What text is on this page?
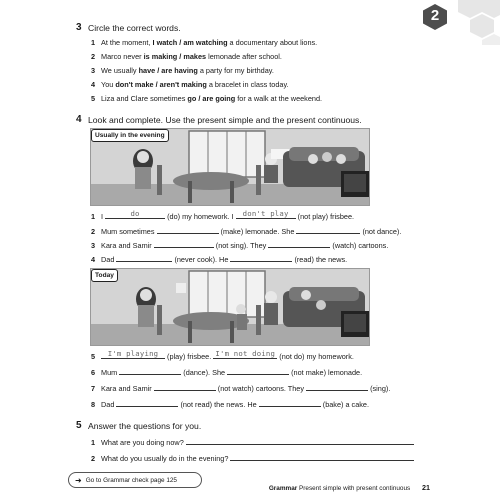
2
3 Circle the correct words.
1 At the moment, I watch / am watching a documentary about lions.
2 Marco never is making / makes lemonade after school.
3 We usually have / are having a party for my birthday.
4 You don't make / aren't making a bracelet in class today.
5 Liza and Clare sometimes go / are going for a walk at the weekend.
4 Look and complete. Use the present simple and the present continuous.
Usually in the evening
1 I	do	(do) my homework. I don't play (not play) frisbee.
2 Mum sometimes	(make) lemonade. She	(not dance).
3 Kara and Samir	(not sing). They	(watch) cartoons.
4 Dad	(never cook). He	(read) the news.
Today
5	I'm playing (play) frisbee. I'm not doing (not do) my homework.
6 Mum	(dance). She	(not make) lemonade.
7 Kara and Samir	(not watch) cartoons. They	(sing).
8 Dad	(not read) the news. He	(bake) a cake.
5 Answer the questions for you.
1 What are you doing now?
2 What do you usually do in the evening?
➜ Go to Grammar check page 125
Grammar Present simple with present continuous 21
